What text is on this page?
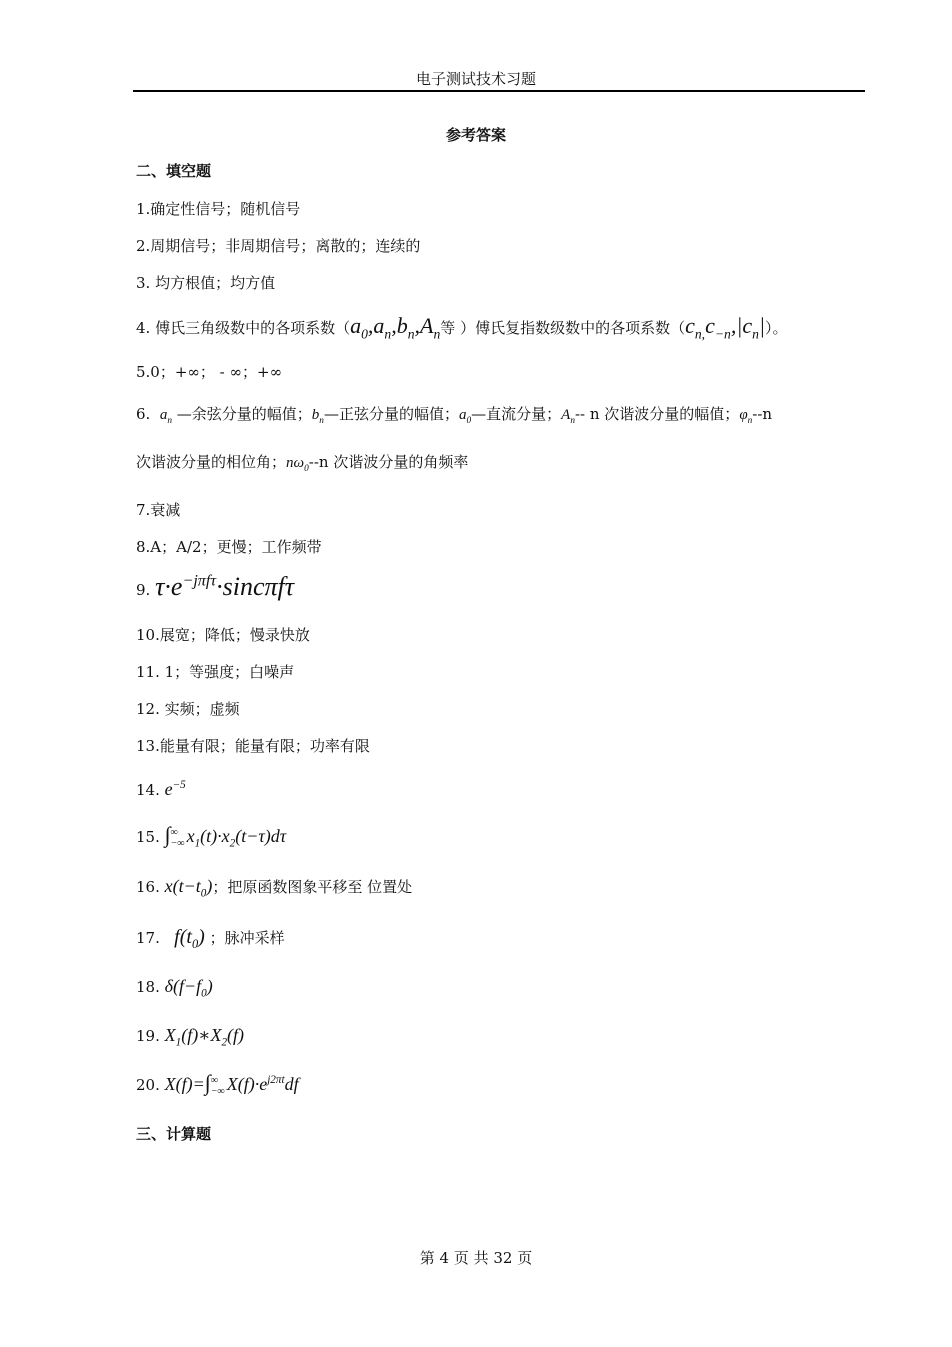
电子测试技术习题
参考答案
二、填空题
1.确定性信号；随机信号
2.周期信号；非周期信号；离散的；连续的
3. 均方根值；均方值
4. 傅氏三角级数中的各项系数（$a_0,a_n,b_n,A_n$等 ）傅氏复指数级数中的各项系数$(c_{n,}c_{-n},|c_n|)$。
5.0；+∞； - ∞；+∞
6. $a_n$ —余弦分量的幅值；$b_n—$正弦分量的幅值；$a_0—$直流分量；$A_n--$ n 次谐波分量的幅值；$\varphi_n--n$
次谐波分量的相位角；$n\omega_0--n$ 次谐波分量的角频率
7.衰减
8.A；A/2；更慢；工作频带
9. $\tau\cdot e^{-j\pi f\tau}\cdot\sin c\pi f\tau$
10.展宽；降低；慢录快放
11. 1；等强度；白噪声
12. 实频；虚频
13.能量有限；能量有限；功率有限
14. $e^{-5}$
15. ∫∞
−∞ $x_1(t)\cdot x_2(t-\tau)d\tau$
16. $x(t-t_0)$；把原函数图象平移至 位置处
17. $f(t_0)$ ；脉冲采样
18. $\delta(f-f_0)$
19. $X_1(f)∗X_2(f)$
20. X(f)=∫∞
−∞ $X(f)\cdot e^{j2\pi t}df$
三、计算题
第 4 页 共 32 页
